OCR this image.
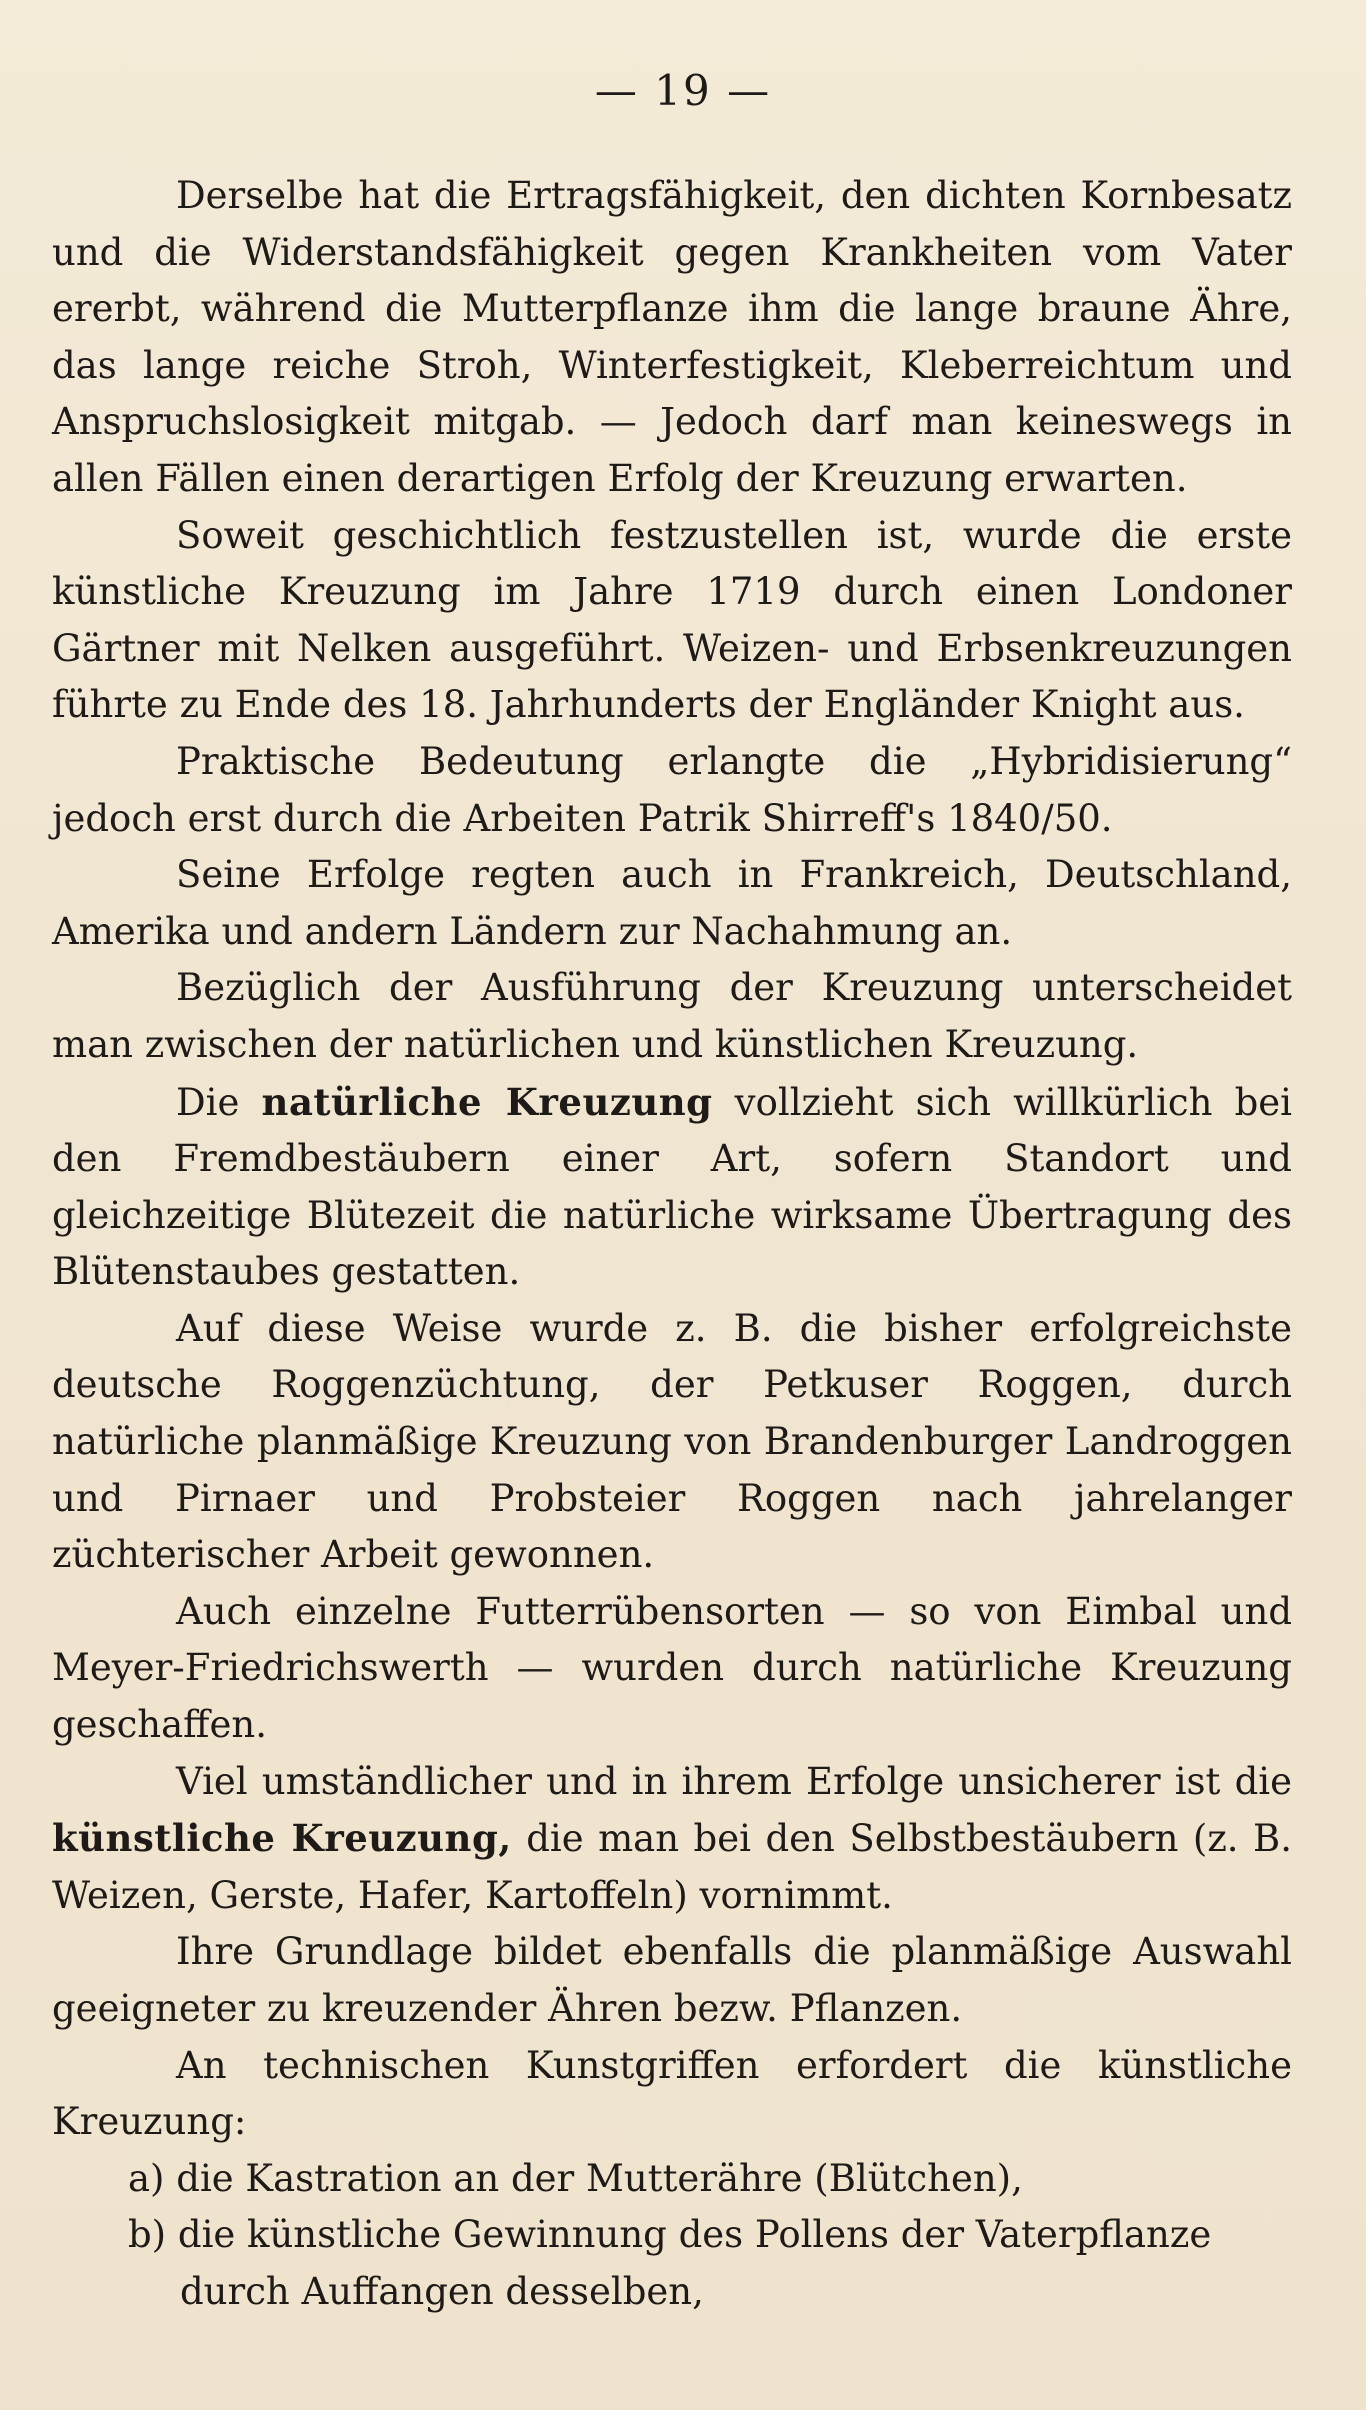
— 19 —

Derselbe hat die Ertragsfähigkeit, den dichten Kornbesatz und die Widerstandsfähigkeit gegen Krankheiten vom Vater ererbt, während die Mutterpflanze ihm die lange braune Ähre, das lange reiche Stroh, Winterfestigkeit, Kleberreichtum und Anspruchslosigkeit mitgab. — Jedoch darf man keineswegs in allen Fällen einen derartigen Erfolg der Kreuzung erwarten.

Soweit geschichtlich festzustellen ist, wurde die erste künstliche Kreuzung im Jahre 1719 durch einen Londoner Gärtner mit Nelken ausgeführt. Weizen- und Erbsenkreuzungen führte zu Ende des 18. Jahrhunderts der Engländer Knight aus.

Praktische Bedeutung erlangte die „Hybridisierung“ jedoch erst durch die Arbeiten Patrik Shirreff's 1840/50.

Seine Erfolge regten auch in Frankreich, Deutschland, Amerika und andern Ländern zur Nachahmung an.

Bezüglich der Ausführung der Kreuzung unterscheidet man zwischen der natürlichen und künstlichen Kreuzung.

Die natürliche Kreuzung vollzieht sich willkürlich bei den Fremdbestäubern einer Art, sofern Standort und gleichzeitige Blütezeit die natürliche wirksame Übertragung des Blütenstaubes gestatten.

Auf diese Weise wurde z. B. die bisher erfolgreichste deutsche Roggenzüchtung, der Petkuser Roggen, durch natürliche planmäßige Kreuzung von Brandenburger Landroggen und Pirnaer und Probsteier Roggen nach jahrelanger züchterischer Arbeit gewonnen.

Auch einzelne Futterrübensorten — so von Eimbal und Meyer-Friedrichswerth — wurden durch natürliche Kreuzung geschaffen.

Viel umständlicher und in ihrem Erfolge unsicherer ist die künstliche Kreuzung, die man bei den Selbstbestäubern (z. B. Weizen, Gerste, Hafer, Kartoffeln) vornimmt.

Ihre Grundlage bildet ebenfalls die planmäßige Auswahl geeigneter zu kreuzender Ähren bezw. Pflanzen.

An technischen Kunstgriffen erfordert die künstliche Kreuzung:

a) die Kastration an der Mutterähre (Blütchen),

b) die künstliche Gewinnung des Pollens der Vaterpflanze durch Auffangen desselben,
